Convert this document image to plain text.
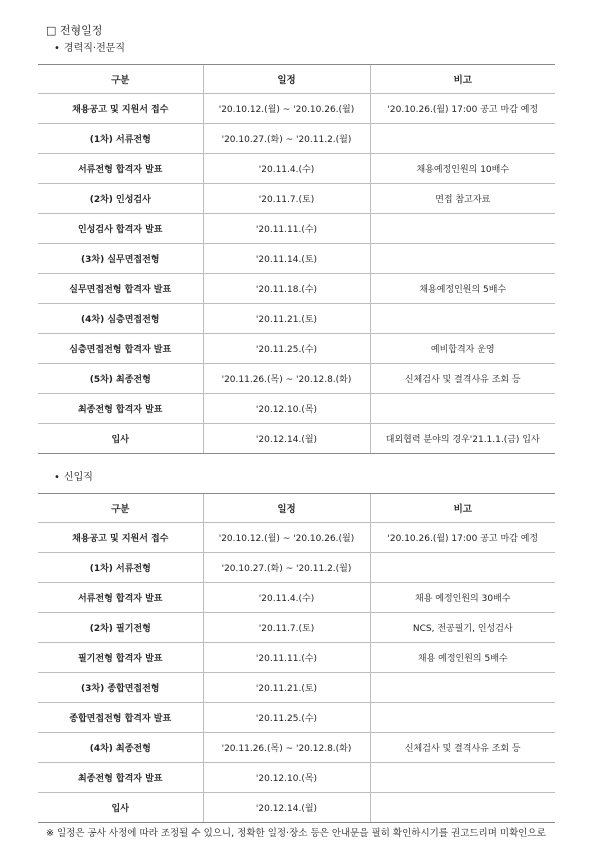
□ 전형일정
• 경력직·전문직
구분	일정	비고
채용공고 및 지원서 접수	'20.10.12.(월) ~ '20.10.26.(월)	'20.10.26.(월) 17:00 공고 마감 예정
(1차) 서류전형	'20.10.27.(화) ~ '20.11.2.(월)	
서류전형 합격자 발표	'20.11.4.(수)	채용예정인원의 10배수
(2차) 인성검사	'20.11.7.(토)	면접 참고자료
인성검사 합격자 발표	'20.11.11.(수)	
(3차) 실무면접전형	'20.11.14.(토)	
실무면접전형 합격자 발표	'20.11.18.(수)	채용예정인원의 5배수
(4차) 심층면접전형	'20.11.21.(토)	
심층면접전형 합격자 발표	'20.11.25.(수)	예비합격자 운영
(5차) 최종전형	'20.11.26.(목) ~ '20.12.8.(화)	신체검사 및 결격사유 조회 등
최종전형 합격자 발표	'20.12.10.(목)	
입사	'20.12.14.(월)	대외협력 분야의 경우'21.1.1.(금) 입사
• 신입직
구분	일정	비고
채용공고 및 지원서 접수	'20.10.12.(월) ~ '20.10.26.(월)	'20.10.26.(월) 17:00 공고 마감 예정
(1차) 서류전형	'20.10.27.(화) ~ '20.11.2.(월)	
서류전형 합격자 발표	'20.11.4.(수)	채용 예정인원의 30배수
(2차) 필기전형	'20.11.7.(토)	NCS, 전공필기, 인성검사
필기전형 합격자 발표	'20.11.11.(수)	채용 예정인원의 5배수
(3차) 종합면접전형	'20.11.21.(토)	
종합면접전형 합격자 발표	'20.11.25.(수)	
(4차) 최종전형	'20.11.26.(목) ~ '20.12.8.(화)	신체검사 및 결격사유 조회 등
최종전형 합격자 발표	'20.12.10.(목)	
입사	'20.12.14.(월)	
※ 일정은 공사 사정에 따라 조정될 수 있으니, 정확한 일정·장소 등은 안내문을 필히 확인하시기를 권고드리며 미확인으로
